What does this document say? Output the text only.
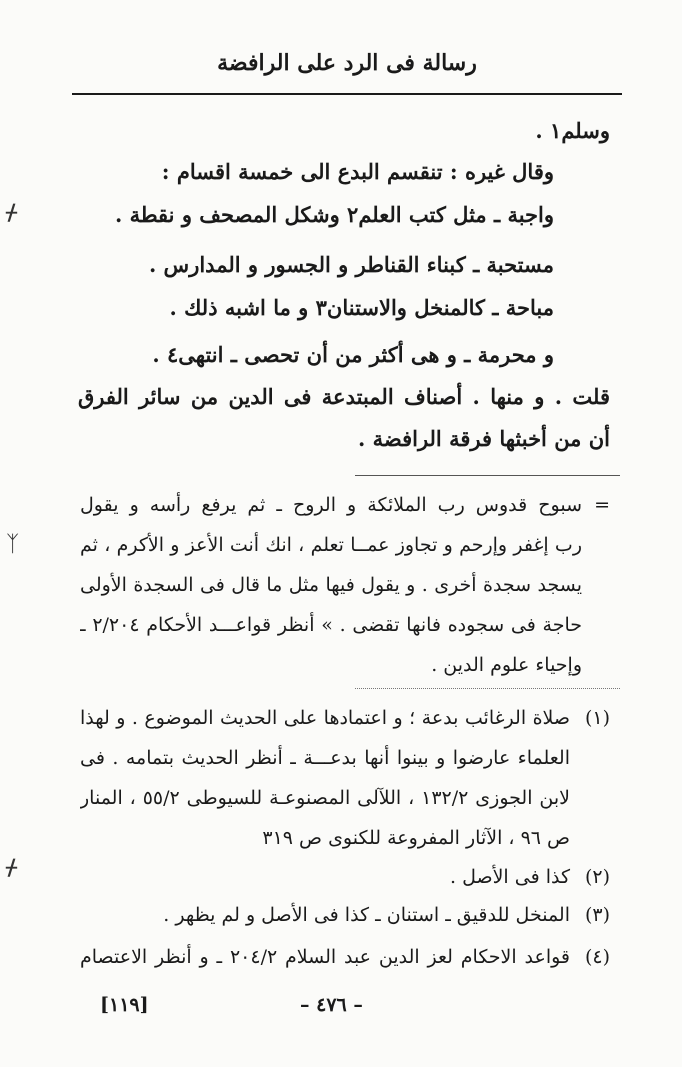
رسالة فى الرد على الرافضة
ᚋ
ᛉ
ᚋ
وسلم١ .
وقال غيره : تنقسم البدع الى خمسة اقسام :
واجبة ـ مثل كتب العلم٢ وشكل المصحف و نقطة .
مستحبة ـ كبناء القناطر و الجسور و المدارس .
مباحة ـ كالمنخل والاستنان٣ و ما اشبه ذلك .
و محرمة ـ و هى أكثر من أن تحصى ـ انتهى٤ .
قلت . و منها . أصناف المبتدعة فى الدين من سائر الفرق
أن من أخبثها فرقة الرافضة .
=
سبوح قدوس رب الملائكة و الروح ـ ثم يرفع رأسه و يقول
رب إغفر وإرحم و تجاوز عمــا تعلم ، انك أنت الأعز و الأكرم ، ثم
يسجد سجدة أخرى . و يقول فيها مثل ما قال فى السجدة الأولى
حاجة فى سجوده فانها تقضى . » أنظر قواعـــد الأحكام ٢/٢٠٤ ـ
وإحياء علوم الدين .
(١)
صلاة الرغائب بدعة ؛ و اعتمادها على الحديث الموضوع . و لهذا
العلماء عارضوا و بينوا أنها بدعـــة ـ أنظر الحديث بتمامه . فى
لابن الجوزى ١٣٢/٢ ، اللآلى المصنوعـة للسيوطى ٥٥/٢ ، المنار
ص ٩٦ ، الآثار المفروعة للكنوى ص ٣١٩
(٢)
كذا فى الأصل .
(٣)
المنخل للدقيق ـ استنان ـ كذا فى الأصل و لم يظهر .
(٤)
قواعد الاحكام لعز الدين عبد السلام ٢٠٤/٢ ـ و أنظر الاعتصام
[١١٩]	– ٤٧٦ –
